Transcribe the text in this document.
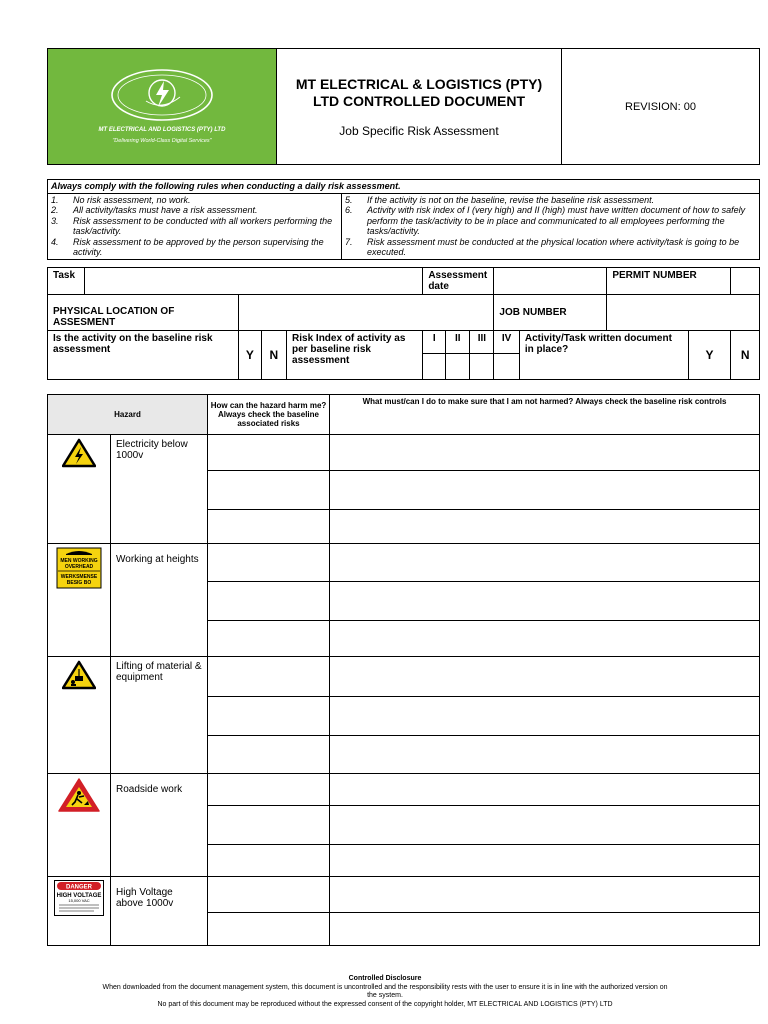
MT ELECTRICAL AND LOGISTICS (PTY) LTD
"Delivering World-Class Digital Services"

MT ELECTRICAL & LOGISTICS (PTY)
LTD CONTROLLED DOCUMENT
Job Specific Risk Assessment
	REVISION: 00
Always comply with the following rules when conducting a daily risk assessment.

1.	No risk assessment, no work.
2.	All activity/tasks must have a risk assessment.
3.	Risk assessment to be conducted with all workers performing the task/activity.
4.	Risk assessment to be approved by the person supervising the activity.

5.	If the activity is not on the baseline, revise the baseline risk assessment.
6.	Activity with risk index of I (very high) and II (high) must have written document of how to safely perform the task/activity to be in place and communicated to all employees performing the tasks/activity.
7.	Risk assessment must be conducted at the physical location where activity/task is going to be executed.
Task					Assessment date					PERMIT NUMBER		
PHYSICAL LOCATION OF ASSESMENT								JOB NUMBER				
Is the activity on the baseline risk assessment		Y	N	Risk Index of activity as per baseline risk assessment	I	II	III	IV	Activity/Task written document in place?		Y	N

Hazard		How can the hazard harm me? Always check the baseline associated risks	What must/can I do to make sure that I am not harmed? Always check the baseline risk controls
	Electricity below 1000v		

MEN WORKING
OVERHEAD
WERKSMENSE
BESIG BO	Working at heights		

	Lifting of material & equipment		

	Roadside work		

DANGER
HIGH VOLTAGE
15,000 VAC	High Voltage above 1000v		

Controlled Disclosure
When downloaded from the document management system, this document is uncontrolled and the responsibility rests with the user to ensure it is in line with the authorized version on the system.
No part of this document may be reproduced without the expressed consent of the copyright holder, MT ELECTRICAL AND LOGISTICS (PTY) LTD
